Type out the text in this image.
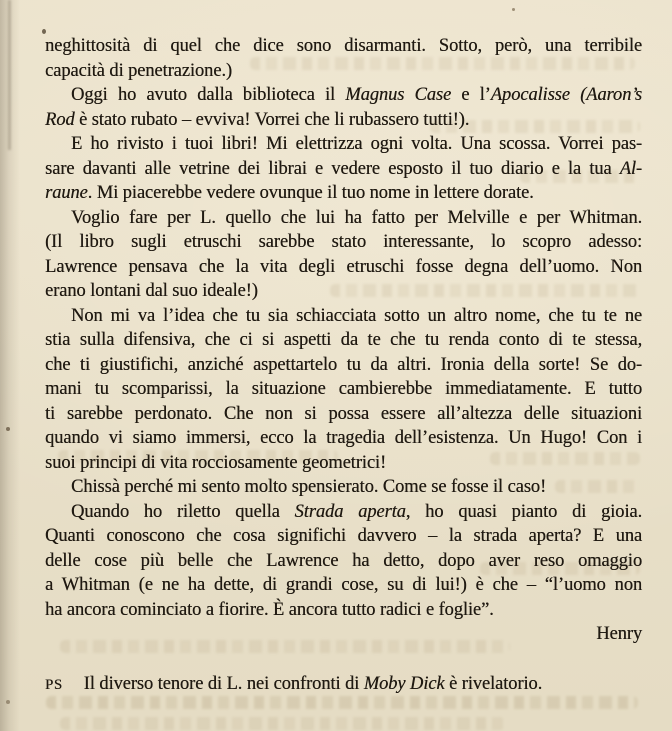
neghittosità di quel che dice sono disarmanti. Sotto, però, una terribile
capacità di penetrazione.)
Oggi ho avuto dalla biblioteca il Magnus Case e l’Apocalisse (Aaron’s
Rod è stato rubato – evviva! Vorrei che li rubassero tutti!).
E ho rivisto i tuoi libri! Mi elettrizza ogni volta. Una scossa. Vorrei pas-
sare davanti alle vetrine dei librai e vedere esposto il tuo diario e la tua Al-
raune. Mi piacerebbe vedere ovunque il tuo nome in lettere dorate.
Voglio fare per L. quello che lui ha fatto per Melville e per Whitman.
(Il libro sugli etruschi sarebbe stato interessante, lo scopro adesso:
Lawrence pensava che la vita degli etruschi fosse degna dell’uomo. Non
erano lontani dal suo ideale!)
Non mi va l’idea che tu sia schiacciata sotto un altro nome, che tu te ne
stia sulla difensiva, che ci si aspetti da te che tu renda conto di te stessa,
che ti giustifichi, anziché aspettartelo tu da altri. Ironia della sorte! Se do-
mani tu scomparissi, la situazione cambierebbe immediatamente. E tutto
ti sarebbe perdonato. Che non si possa essere all’altezza delle situazioni
quando vi siamo immersi, ecco la tragedia dell’esistenza. Un Hugo! Con i
suoi principi di vita rocciosamente geometrici!
Chissà perché mi sento molto spensierato. Come se fosse il caso!
Quando ho riletto quella Strada aperta, ho quasi pianto di gioia.
Quanti conoscono che cosa significhi davvero – la strada aperta? E una
delle cose più belle che Lawrence ha detto, dopo aver reso omaggio
a Whitman (e ne ha dette, di grandi cose, su di lui!) è che – “l’uomo non
ha ancora cominciato a fiorire. È ancora tutto radici e foglie”.
Henry
PS Il diverso tenore di L. nei confronti di Moby Dick è rivelatorio.
